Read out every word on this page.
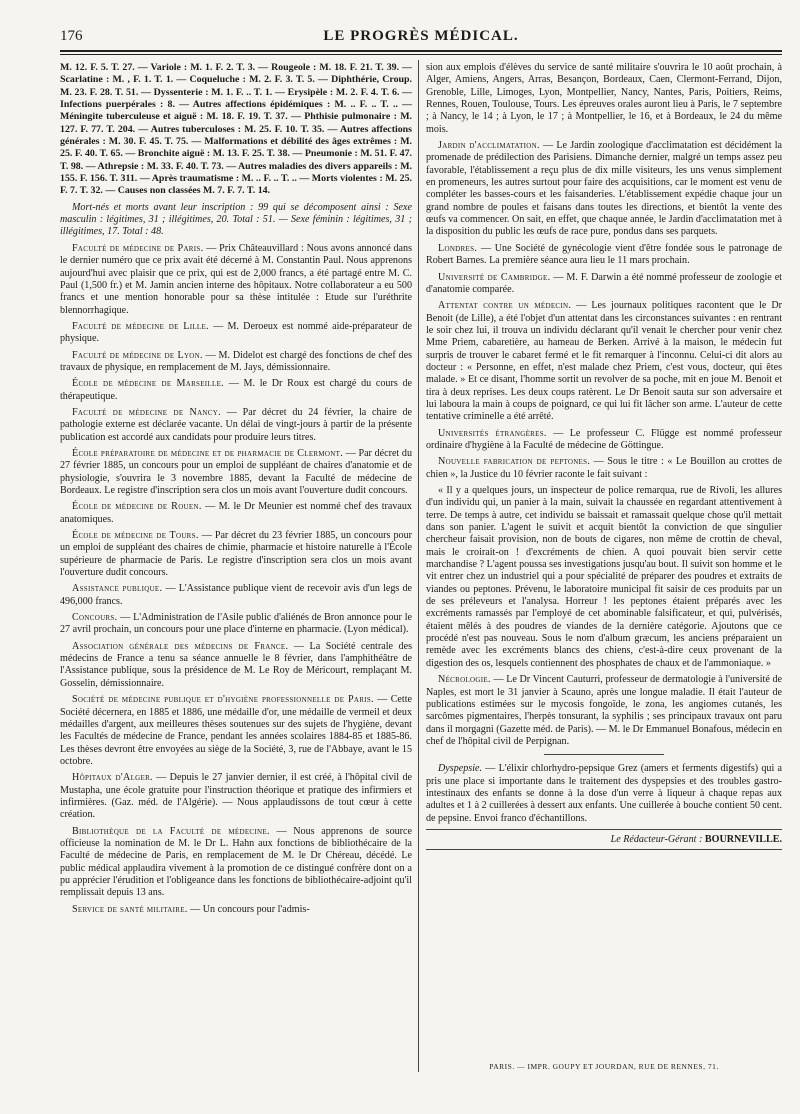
176	LE PROGRÈS MÉDICAL.

M. 12. F. 5. T. 27. — Variole : M. 1. F. 2. T. 3. — Rougeole : M. 18. F. 21. T. 39. — Scarlatine : M. , F. 1. T. 1. — Coqueluche : M. 2. F. 3. T. 5. — Diphthérie, Croup. M. 23. F. 28. T. 51. — Dyssenterie : M. 1. F. .. T. 1. — Erysipèle : M. 2. F. 4. T. 6. — Infections puerpérales : 8. — Autres affections épidémiques : M. .. F. .. T. .. — Méningite tuberculeuse et aiguë : M. 18. F. 19. T. 37. — Phthisie pulmonaire : M. 127. F. 77. T. 204. — Autres tuberculoses : M. 25. F. 10. T. 35. — Autres affections générales : M. 30. F. 45. T. 75. — Malformations et débilité des âges extrêmes : M. 25. F. 40. T. 65. — Bronchite aiguë : M. 13. F. 25. T. 38. — Pneumonie : M. 51. F. 47. T. 98. — Athrepsie : M. 33. F. 40. T. 73. — Autres maladies des divers appareils : M. 155. F. 156. T. 311. — Après traumatisme : M. .. F. .. T. .. — Morts violentes : M. 25. F. 7. T. 32. — Causes non classées M. 7. F. 7. T. 14.

Mort-nés et morts avant leur inscription : 99 qui se décomposent ainsi : Sexe masculin : légitimes, 31 ; illégitimes, 20. Total : 51. — Sexe féminin : légitimes, 31 ; illégitimes, 17. Total : 48.

Faculté de médecine de Paris. — Prix Châteauvillard : Nous avons annoncé dans le dernier numéro que ce prix avait été décerné à M. Constantin Paul. Nous apprenons aujourd'hui avec plaisir que ce prix, qui est de 2,000 francs, a été partagé entre M. C. Paul (1,500 fr.) et M. Jamin ancien interne des hôpitaux. Notre collaborateur a eu 500 francs et une mention honorable pour sa thèse intitulée : Etude sur l'uréthrite blennorrhagique.

Faculté de médecine de Lille. — M. Deroeux est nommé aide-préparateur de physique.

Faculté de médecine de Lyon. — M. Didelot est chargé des fonctions de chef des travaux de physique, en remplacement de M. Jays, démissionnaire.

École de médecine de Marseille. — M. le Dr Roux est chargé du cours de thérapeutique.

Faculté de médecine de Nancy. — Par décret du 24 février, la chaire de pathologie externe est déclarée vacante. Un délai de vingt-jours à partir de la présente publication est accordé aux candidats pour produire leurs titres.

École préparatoire de médecine et de pharmacie de Clermont. — Par décret du 27 février 1885, un concours pour un emploi de suppléant de chaires d'anatomie et de physiologie, s'ouvrira le 3 novembre 1885, devant la Faculté de médecine de Bordeaux. Le registre d'inscription sera clos un mois avant l'ouverture dudit concours.

École de médecine de Rouen. — M. le Dr Meunier est nommé chef des travaux anatomiques.

École de médecine de Tours. — Par décret du 23 février 1885, un concours pour un emploi de suppléant des chaires de chimie, pharmacie et histoire naturelle à l'École supérieure de pharmacie de Paris. Le registre d'inscription sera clos un mois avant l'ouverture dudit concours.

Assistance publique. — L'Assistance publique vient de recevoir avis d'un legs de 496,000 francs.

Concours. — L'Administration de l'Asile public d'aliénés de Bron annonce pour le 27 avril prochain, un concours pour une place d'interne en pharmacie. (Lyon médical).

Association générale des médecins de France. — La Société centrale des médecins de France a tenu sa séance annuelle le 8 février, dans l'amphithéâtre de l'Assistance publique, sous la présidence de M. Le Roy de Méricourt, remplaçant M. Gosselin, démissionnaire.

Société de médecine publique et d'hygiène professionnelle de Paris. — Cette Société décernera, en 1885 et 1886, une médaille d'or, une médaille de vermeil et deux médailles d'argent, aux meilleures thèses soutenues sur des sujets de l'hygiène, devant les Facultés de médecine de France, pendant les années scolaires 1884-85 et 1885-86. Les thèses devront être envoyées au siège de la Société, 3, rue de l'Abbaye, avant le 15 octobre.

Hôpitaux d'Alger. — Depuis le 27 janvier dernier, il est créé, à l'hôpital civil de Mustapha, une école gratuite pour l'instruction théorique et pratique des infirmiers et infirmières. (Gaz. méd. de l'Algérie). — Nous applaudissons de tout cœur à cette création.

Bibliothèque de la Faculté de médecine. — Nous apprenons de source officieuse la nomination de M. le Dr L. Hahn aux fonctions de bibliothécaire de la Faculté de médecine de Paris, en remplacement de M. le Dr Chéreau, décédé. Le public médical applaudira vivement à la promotion de ce distingué confrère dont on a pu apprécier l'érudition et l'obligeance dans les fonctions de bibliothécaire-adjoint qu'il remplissait depuis 13 ans.

Service de santé militaire. — Un concours pour l'admis-

sion aux emplois d'élèves du service de santé militaire s'ouvrira le 10 août prochain, à Alger, Amiens, Angers, Arras, Besançon, Bordeaux, Caen, Clermont-Ferrand, Dijon, Grenoble, Lille, Limoges, Lyon, Montpellier, Nancy, Nantes, Paris, Poitiers, Reims, Rennes, Rouen, Toulouse, Tours. Les épreuves orales auront lieu à Paris, le 7 septembre ; à Nancy, le 14 ; à Lyon, le 17 ; à Montpellier, le 16, et à Bordeaux, le 24 du même mois.

Jardin d'acclimatation. — Le Jardin zoologique d'acclimatation est décidément la promenade de prédilection des Parisiens. Dimanche dernier, malgré un temps assez peu favorable, l'établissement a reçu plus de dix mille visiteurs, les uns venus simplement en promeneurs, les autres surtout pour faire des acquisitions, car le moment est venu de compléter les basses-cours et les faisanderies. L'établissement expédie chaque jour un grand nombre de poules et faisans dans toutes les directions, et bientôt la vente des œufs va commencer. On sait, en effet, que chaque année, le Jardin d'acclimatation met à la disposition du public les œufs de race pure, pondus dans ses parquets.

Londres. — Une Société de gynécologie vient d'être fondée sous le patronage de Robert Barnes. La première séance aura lieu le 11 mars prochain.

Université de Cambridge. — M. F. Darwin a été nommé professeur de zoologie et d'anatomie comparée.

Attentat contre un médecin. — Les journaux politiques racontent que le Dr Benoit (de Lille), a été l'objet d'un attentat dans les circonstances suivantes : en rentrant le soir chez lui, il trouva un individu déclarant qu'il venait le chercher pour venir chez Mme Priem, cabaretière, au hameau de Berken. Arrivé à la maison, le médecin fut surpris de trouver le cabaret fermé et le fit remarquer à l'inconnu. Celui-ci dit alors au docteur : « Personne, en effet, n'est malade chez Priem, c'est vous, docteur, qui êtes malade. » Et ce disant, l'homme sortit un revolver de sa poche, mit en joue M. Benoit et tira à deux reprises. Les deux coups ratèrent. Le Dr Benoit sauta sur son adversaire et lui laboura la main à coups de poignard, ce qui lui fit lâcher son arme. L'auteur de cette tentative criminelle a été arrêté.

Universités étrangères. — Le professeur C. Flügge est nommé professeur ordinaire d'hygiène à la Faculté de médecine de Göttingue.

Nouvelle fabrication de peptones. — Sous le titre : « Le Bouillon au crottes de chien », la Justice du 10 février raconte le fait suivant :

« Il y a quelques jours, un inspecteur de police remarqua, rue de Rivoli, les allures d'un individu qui, un panier à la main, suivait la chaussée en regardant attentivement à terre. De temps à autre, cet individu se baissait et ramassait quelque chose qu'il mettait dans son panier. L'agent le suivit et acquit bientôt la conviction de que singulier chercheur faisait provision, non de bouts de cigares, non même de crottin de cheval, mais le croirait-on ! d'excréments de chien. A quoi pouvait bien servir cette marchandise ? L'agent poussa ses investigations jusqu'au bout. Il suivit son homme et le vit entrer chez un industriel qui a pour spécialité de préparer des poudres et extraits de viandes ou peptones. Prévenu, le laboratoire municipal fit saisir de ces produits par un de ses préleveurs et l'analysa. Horreur ! les peptones étaient préparés avec les excréments ramassés par l'employé de cet abominable falsificateur, et qui, pulvérisés, étaient mêlés à des poudres de viandes de la dernière catégorie. Ajoutons que ce procédé n'est pas nouveau. Sous le nom d'album græcum, les anciens préparaient un remède avec les excréments blancs des chiens, c'est-à-dire ceux provenant de la digestion des os, lesquels contiennent des phosphates de chaux et de l'ammoniaque. »

Nécrologie. — Le Dr Vincent Cauturri, professeur de dermatologie à l'université de Naples, est mort le 31 janvier à Scauno, après une longue maladie. Il était l'auteur de publications estimées sur le mycosis fongoïde, le zona, les angiomes cutanés, les sarcômes pigmentaires, l'herpès tonsurant, la syphilis ; ses principaux travaux ont paru dans il morgagni (Gazette méd. de Paris). — M. le Dr Emmanuel Bonafous, médecin en chef de l'hôpital civil de Perpignan.

Dyspepsie. — L'élixir chlorhydro-pepsique Grez (amers et ferments digestifs) qui a pris une place si importante dans le traitement des dyspepsies et des troubles gastro-intestinaux des enfants se donne à la dose d'un verre à liqueur à chaque repas aux adultes et 1 à 2 cuillerées à dessert aux enfants. Une cuillerée à bouche contient 50 cent. de pepsine. Envoi franco d'échantillons.

Le Rédacteur-Gérant : BOURNEVILLE.
PARIS. — IMPR. GOUPY ET JOURDAN, RUE DE RENNES, 71.
